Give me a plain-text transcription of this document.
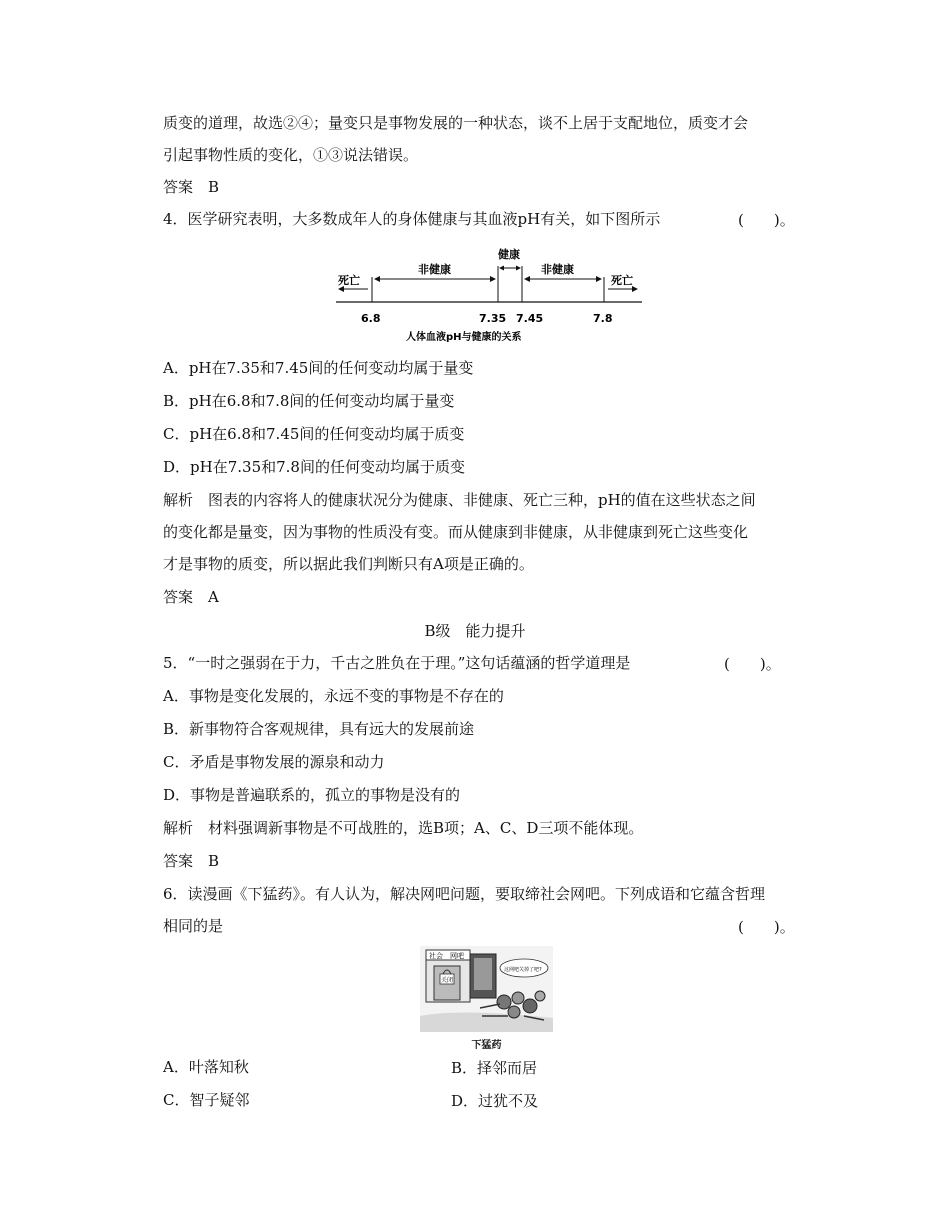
质变的道理，故选②④；量变只是事物发展的一种状态，谈不上居于支配地位，质变才会
引起事物性质的变化，①③说法错误。
答案　B
4．医学研究表明，大多数成年人的身体健康与其血液pH有关，如下图所示	(　　)。
死亡
非健康
健康
非健康
死亡
6.8	7.35 7.45	7.8
人体血液pH与健康的关系
A．pH在7.35和7.45间的任何变动均属于量变
B．pH在6.8和7.8间的任何变动均属于量变
C．pH在6.8和7.45间的任何变动均属于质变
D．pH在7.35和7.8间的任何变动均属于质变
解析　图表的内容将人的健康状况分为健康、非健康、死亡三种，pH的值在这些状态之间
的变化都是量变，因为事物的性质没有变。而从健康到非健康，从非健康到死亡这些变化
才是事物的质变，所以据此我们判断只有A项是正确的。
答案　A
B级　能力提升
5．“一时之强弱在于力，千古之胜负在于理。”这句话蕴涵的哲学道理是	(　　)。
A．事物是变化发展的，永远不变的事物是不存在的
B．新事物符合客观规律，具有远大的发展前途
C．矛盾是事物发展的源泉和动力
D．事物是普遍联系的，孤立的事物是没有的
解析　材料强调新事物是不可战胜的，选B项；A、C、D三项不能体现。
答案　B
6．读漫画《下猛药》。有人认为，解决网吧问题，要取缔社会网吧。下列成语和它蕴含哲理
相同的是	(　　)。
社会 网吧
关闭
这网吧关掉了吧?
下猛药
A．叶落知秋	B．择邻而居
C．智子疑邻	D．过犹不及
